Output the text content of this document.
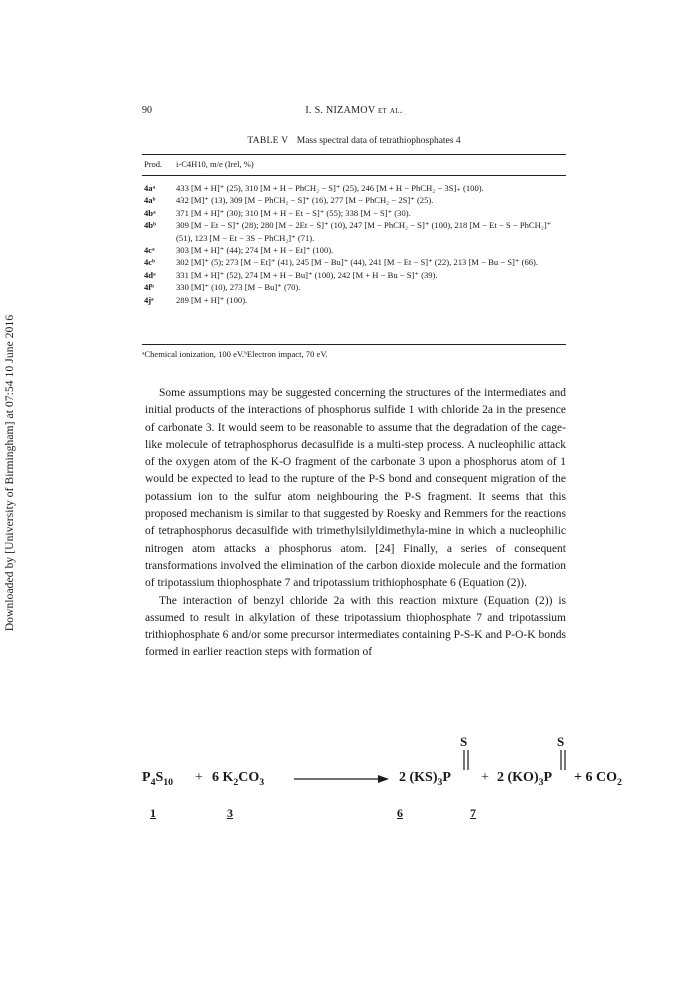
Downloaded by [University of Birmingham] at 07:54 10 June 2016
90	I. S. NIZAMOV et al.
TABLE V Mass spectral data of tetrathiophosphates 4
Prod. i-C4H10, m/e (Irel, %)
4aᵃ	433 [M + H]⁺ (25), 310 [M + H − PhCH₂ − S]⁺ (25), 246 [M + H − PhCH₂ − 3S]₊ (100).
4aᵇ	432 [M]⁺ (13), 309 [M − PhCH₂ − S]⁺ (16), 277 [M − PhCH₂ − 2S]⁺ (25).
4bᵃ	371 [M + H]⁺ (30); 310 [M + H − Et − S]⁺ (55); 338 [M − S]⁺ (30).
4bᵇ	309 [M − Et − S]⁺ (28); 280 [M − 2Et − S]⁺ (10), 247 [M − PhCH₂ − S]⁺ (100), 218 [M − Et − S − PhCH₂]⁺ (51), 123 [M − Et − 3S − PhCH₂]⁺ (71).
4cᵃ	303 [M + H]⁺ (44); 274 [M + H − Et]⁺ (100).
4cᵇ	302 [M]⁺ (5); 273 [M − Et]⁺ (41), 245 [M − Bu]⁺ (44), 241 [M − Et − S]⁺ (22), 213 [M − Bu − S]⁺ (66).
4dᵃ	331 [M + H]⁺ (52), 274 [M + H − Bu]⁺ (100), 242 [M + H − Bu − S]⁺ (39).
4fᵇ	330 [M]⁺ (10), 273 [M − Bu]⁺ (70).
4jᵃ	289 [M + H]⁺ (100).
ᵃChemical ionization, 100 eV.ᵇElectron impact, 70 eV.

Some assumptions may be suggested concerning the structures of the intermediates and initial products of the interactions of phosphorus sulfide 1 with chloride 2a in the presence of carbonate 3. It would seem to be reasonable to assume that the degradation of the cage-like molecule of tetraphosphorus decasulfide is a multi-step process. A nucleophilic attack of the oxygen atom of the K-O fragment of the carbonate 3 upon a phosphorus atom of 1 would be expected to lead to the rupture of the P-S bond and consequent migration of the potassium ion to the sulfur atom neighbouring the P-S fragment. It seems that this proposed mechanism is similar to that suggested by Roesky and Remmers for the reactions of tetraphosphorus decasulfide with trimethylsilyldimethyla-mine in which a nucleophilic nitrogen atom attacks a phosphorus atom. [24] Finally, a series of consequent transformations involved the elimination of the carbon dioxide molecule and the formation of tripotassium thiophosphate 7 and tripotassium trithiophosphate 6 (Equation (2)).

The interaction of benzyl chloride 2a with this reaction mixture (Equation (2)) is assumed to result in alkylation of these tripotassium thiophosphate 7 and tripotassium trithiophosphate 6 and/or some precursor intermediates containing P-S-K and P-O-K bonds formed in earlier reaction steps with formation of

$P_4S_{10} + 6$ $K_2CO_3$	2 $(KS)_3P + 2$ $(KO)_3P + 6$ $CO_2$
S	S
1	3	6	7
